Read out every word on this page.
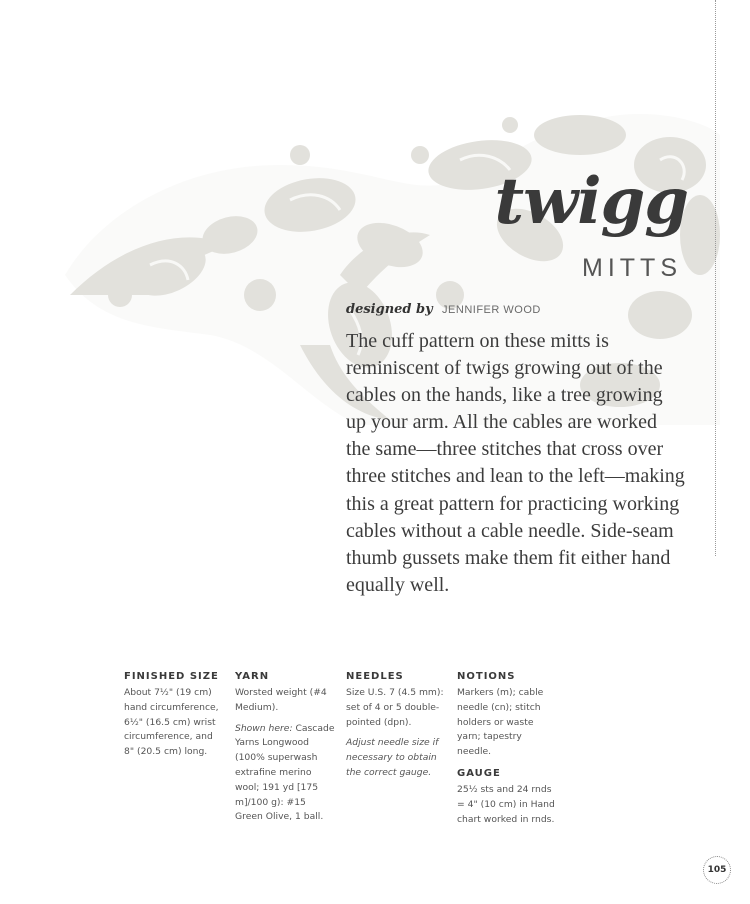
twigg
MITTS
designed by JENNIFER WOOD

The cuff pattern on these mitts is reminiscent of twigs growing out of the cables on the hands, like a tree growing up your arm. All the cables are worked the same—three stitches that cross over three stitches and lean to the left—making this a great pattern for practicing working cables without a cable needle. Side-seam thumb gussets make them fit either hand equally well.

FINISHED SIZE

About 7½" (19 cm) hand circumference, 6½" (16.5 cm) wrist circumference, and 8" (20.5 cm) long.

YARN

Worsted weight (#4 Medium).

Shown here: Cascade Yarns Longwood (100% superwash extrafine merino wool; 191 yd [175 m]/100 g): #15 Green Olive, 1 ball.

NEEDLES

Size U.S. 7 (4.5 mm): set of 4 or 5 double-pointed (dpn).

Adjust needle size if necessary to obtain the correct gauge.

NOTIONS

Markers (m); cable needle (cn); stitch holders or waste yarn; tapestry needle.

GAUGE

25½ sts and 24 rnds = 4" (10 cm) in Hand chart worked in rnds.

105
